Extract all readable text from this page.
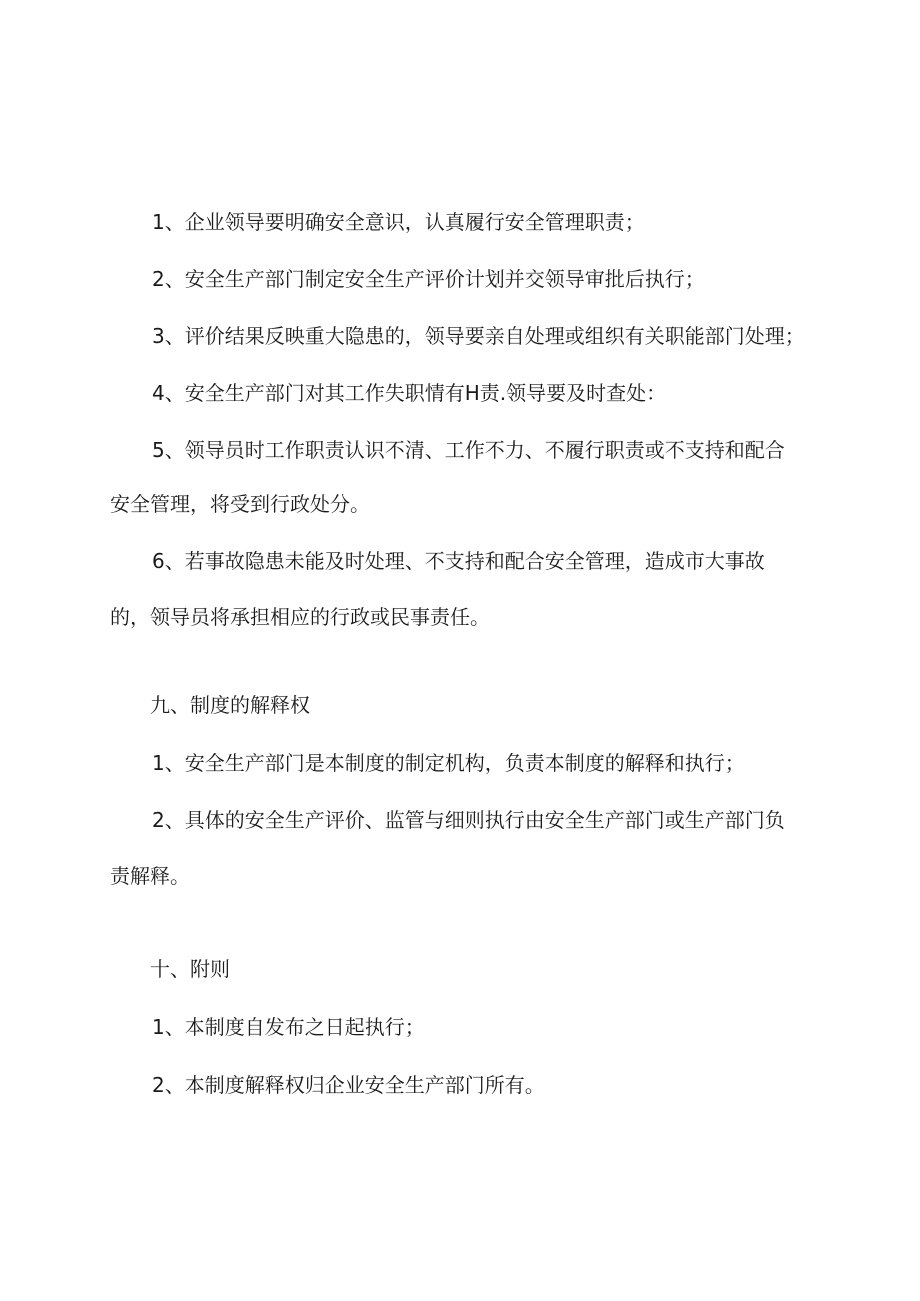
1、企业领导要明确安全意识，认真履行安全管理职责；
2、安全生产部门制定安全生产评价计划并交领导审批后执行；
3、评价结果反映重大隐患的，领导要亲自处理或组织有关职能部门处理；
4、安全生产部门对其工作失职情有H责.领导要及时查处：
5、领导员时工作职责认识不清、工作不力、不履行职责或不支持和配合
安全管理，将受到行政处分。
6、若事故隐患未能及时处理、不支持和配合安全管理，造成市大事故
的，领导员将承担相应的行政或民事责任。
九、制度的解释权
1、安全生产部门是本制度的制定机构，负责本制度的解释和执行；
2、具体的安全生产评价、监管与细则执行由安全生产部门或生产部门负
责解释。
十、附则
1、本制度自发布之日起执行；
2、本制度解释权归企业安全生产部门所有。
